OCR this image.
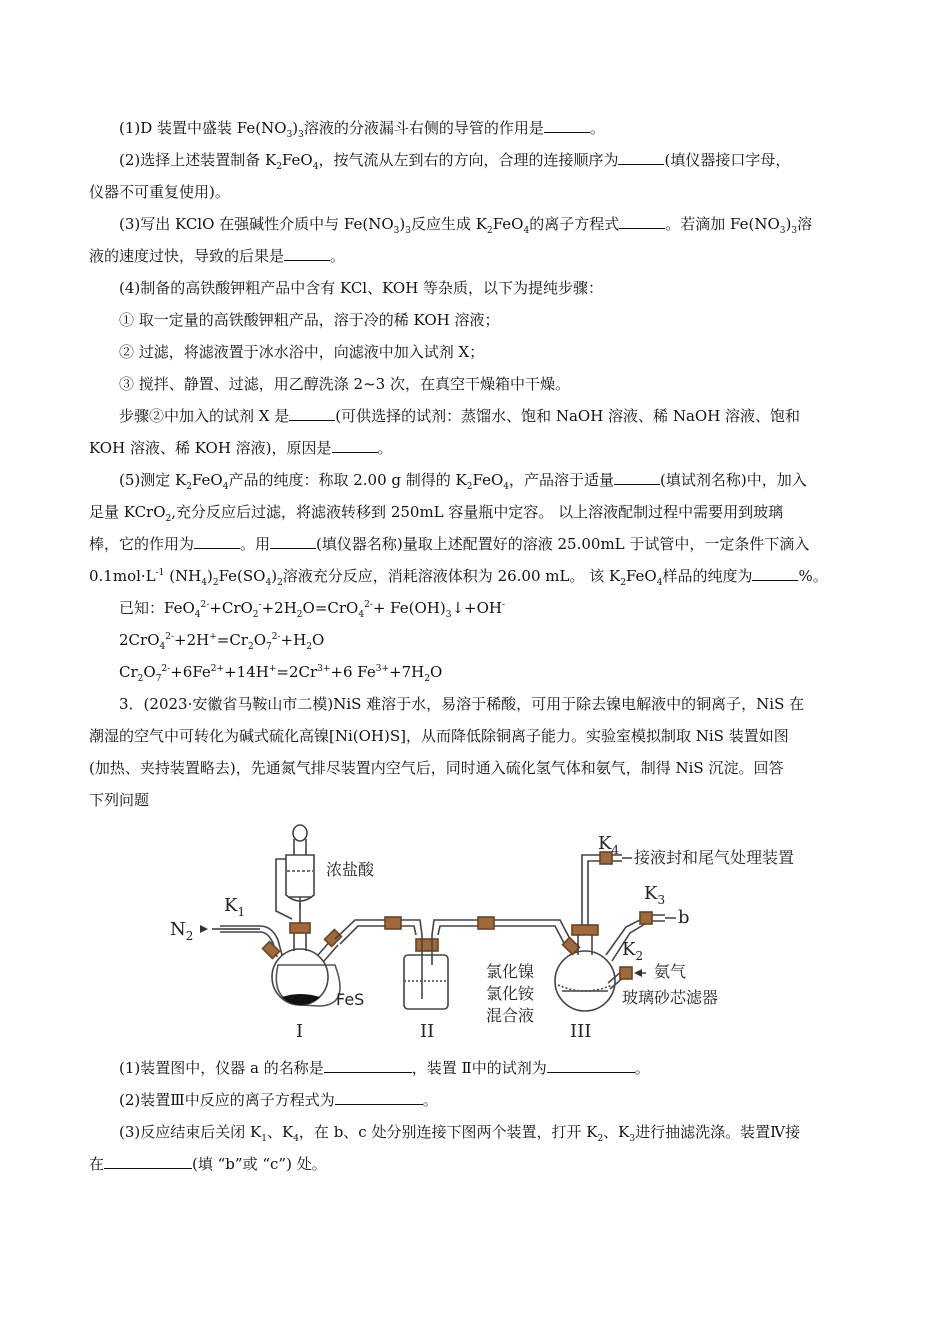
(1)D 装置中盛装 $Fe(NO_3)_3$溶液的分液漏斗右侧的导管的作用是	。
(2)选择上述装置制备 $K_2FeO_4$，按气流从左到右的方向，合理的连接顺序为	(填仪器接口字母，
仪器不可重复使用)。
(3)写出 KClO 在强碱性介质中与 $Fe(NO_3)_3$反应生成 $K_2FeO_4$的离子方程式	。若滴加 $Fe(NO_3)_3$溶
液的速度过快，导致的后果是	。
(4)制备的高铁酸钾粗产品中含有 KCl、KOH 等杂质，以下为提纯步骤：
① 取一定量的高铁酸钾粗产品，溶于冷的稀 KOH 溶液；
② 过滤，将滤液置于冰水浴中，向滤液中加入试剂 X；
③ 搅拌、静置、过滤，用乙醇洗涤 2~3 次，在真空干燥箱中干燥。
步骤②中加入的试剂 X 是	(可供选择的试剂：蒸馏水、饱和 NaOH 溶液、稀 NaOH 溶液、饱和
KOH 溶液、稀 KOH 溶液)，原因是	。
(5)测定 $K_2FeO_4$产品的纯度：称取 2.00 g 制得的 $K_2FeO_4$，产品溶于适量	(填试剂名称)中，加入
足量 KCrO$_2$,充分反应后过滤，将滤液转移到 250mL 容量瓶中定容。 以上溶液配制过程中需要用到玻璃
棒，它的作用为	。用	(填仪器名称)量取上述配置好的溶液 25.00mL 于试管中，一定条件下滴入
$0.1mol\cdot L^{-1}$ $(NH_4)_2Fe(SO_4)_2$溶液充分反应，消耗溶液体积为 26.00 mL。 该 $K_2FeO_4$样品的纯度为	%。
已知：$FeO_4^{2-}+CrO_2^-+2H_2O=CrO_4^{2-}+$ $Fe(OH)_3↓+OH^-$
$2CrO_4^{2-}+2H^+=Cr_2O_7^{2-}+H_2O$
$Cr_2O_7^{2-}+6Fe^{2+}+14H^+=2Cr^{3+}+6$ $Fe^{3+}+7H_2O$
3．(2023·安徽省马鞍山市二模)NiS 难溶于水，易溶于稀酸，可用于除去镍电解液中的铜离子，NiS 在
潮湿的空气中可转化为碱式硫化高镍[Ni(OH)S]，从而降低除铜离子能力。实验室模拟制取 NiS 装置如图
(加热、夹持装置略去)，先通氮气排尽装置内空气后，同时通入硫化氢气体和氨气，制得 NiS 沉淀。回答
下列问题
$N_2$
$K_1$
浓盐酸
FeS
I	II	III
$K_4$ 接液封和尾气处理装置
$K_3$
b
$K_2$
氨气
氯化镍
氯化铵
混合液
玻璃砂芯滤器
(1)装置图中，仪器 a 的名称是	，装置 Ⅱ中的试剂为	。
(2)装置Ⅲ中反应的离子方程式为	。
(3)反应结束后关闭 $K_1$、$K_4$，在 b、c 处分别连接下图两个装置，打开 $K_2$、$K_3$进行抽滤洗涤。装置Ⅳ接
在	(填 “b”或 “c”) 处。
